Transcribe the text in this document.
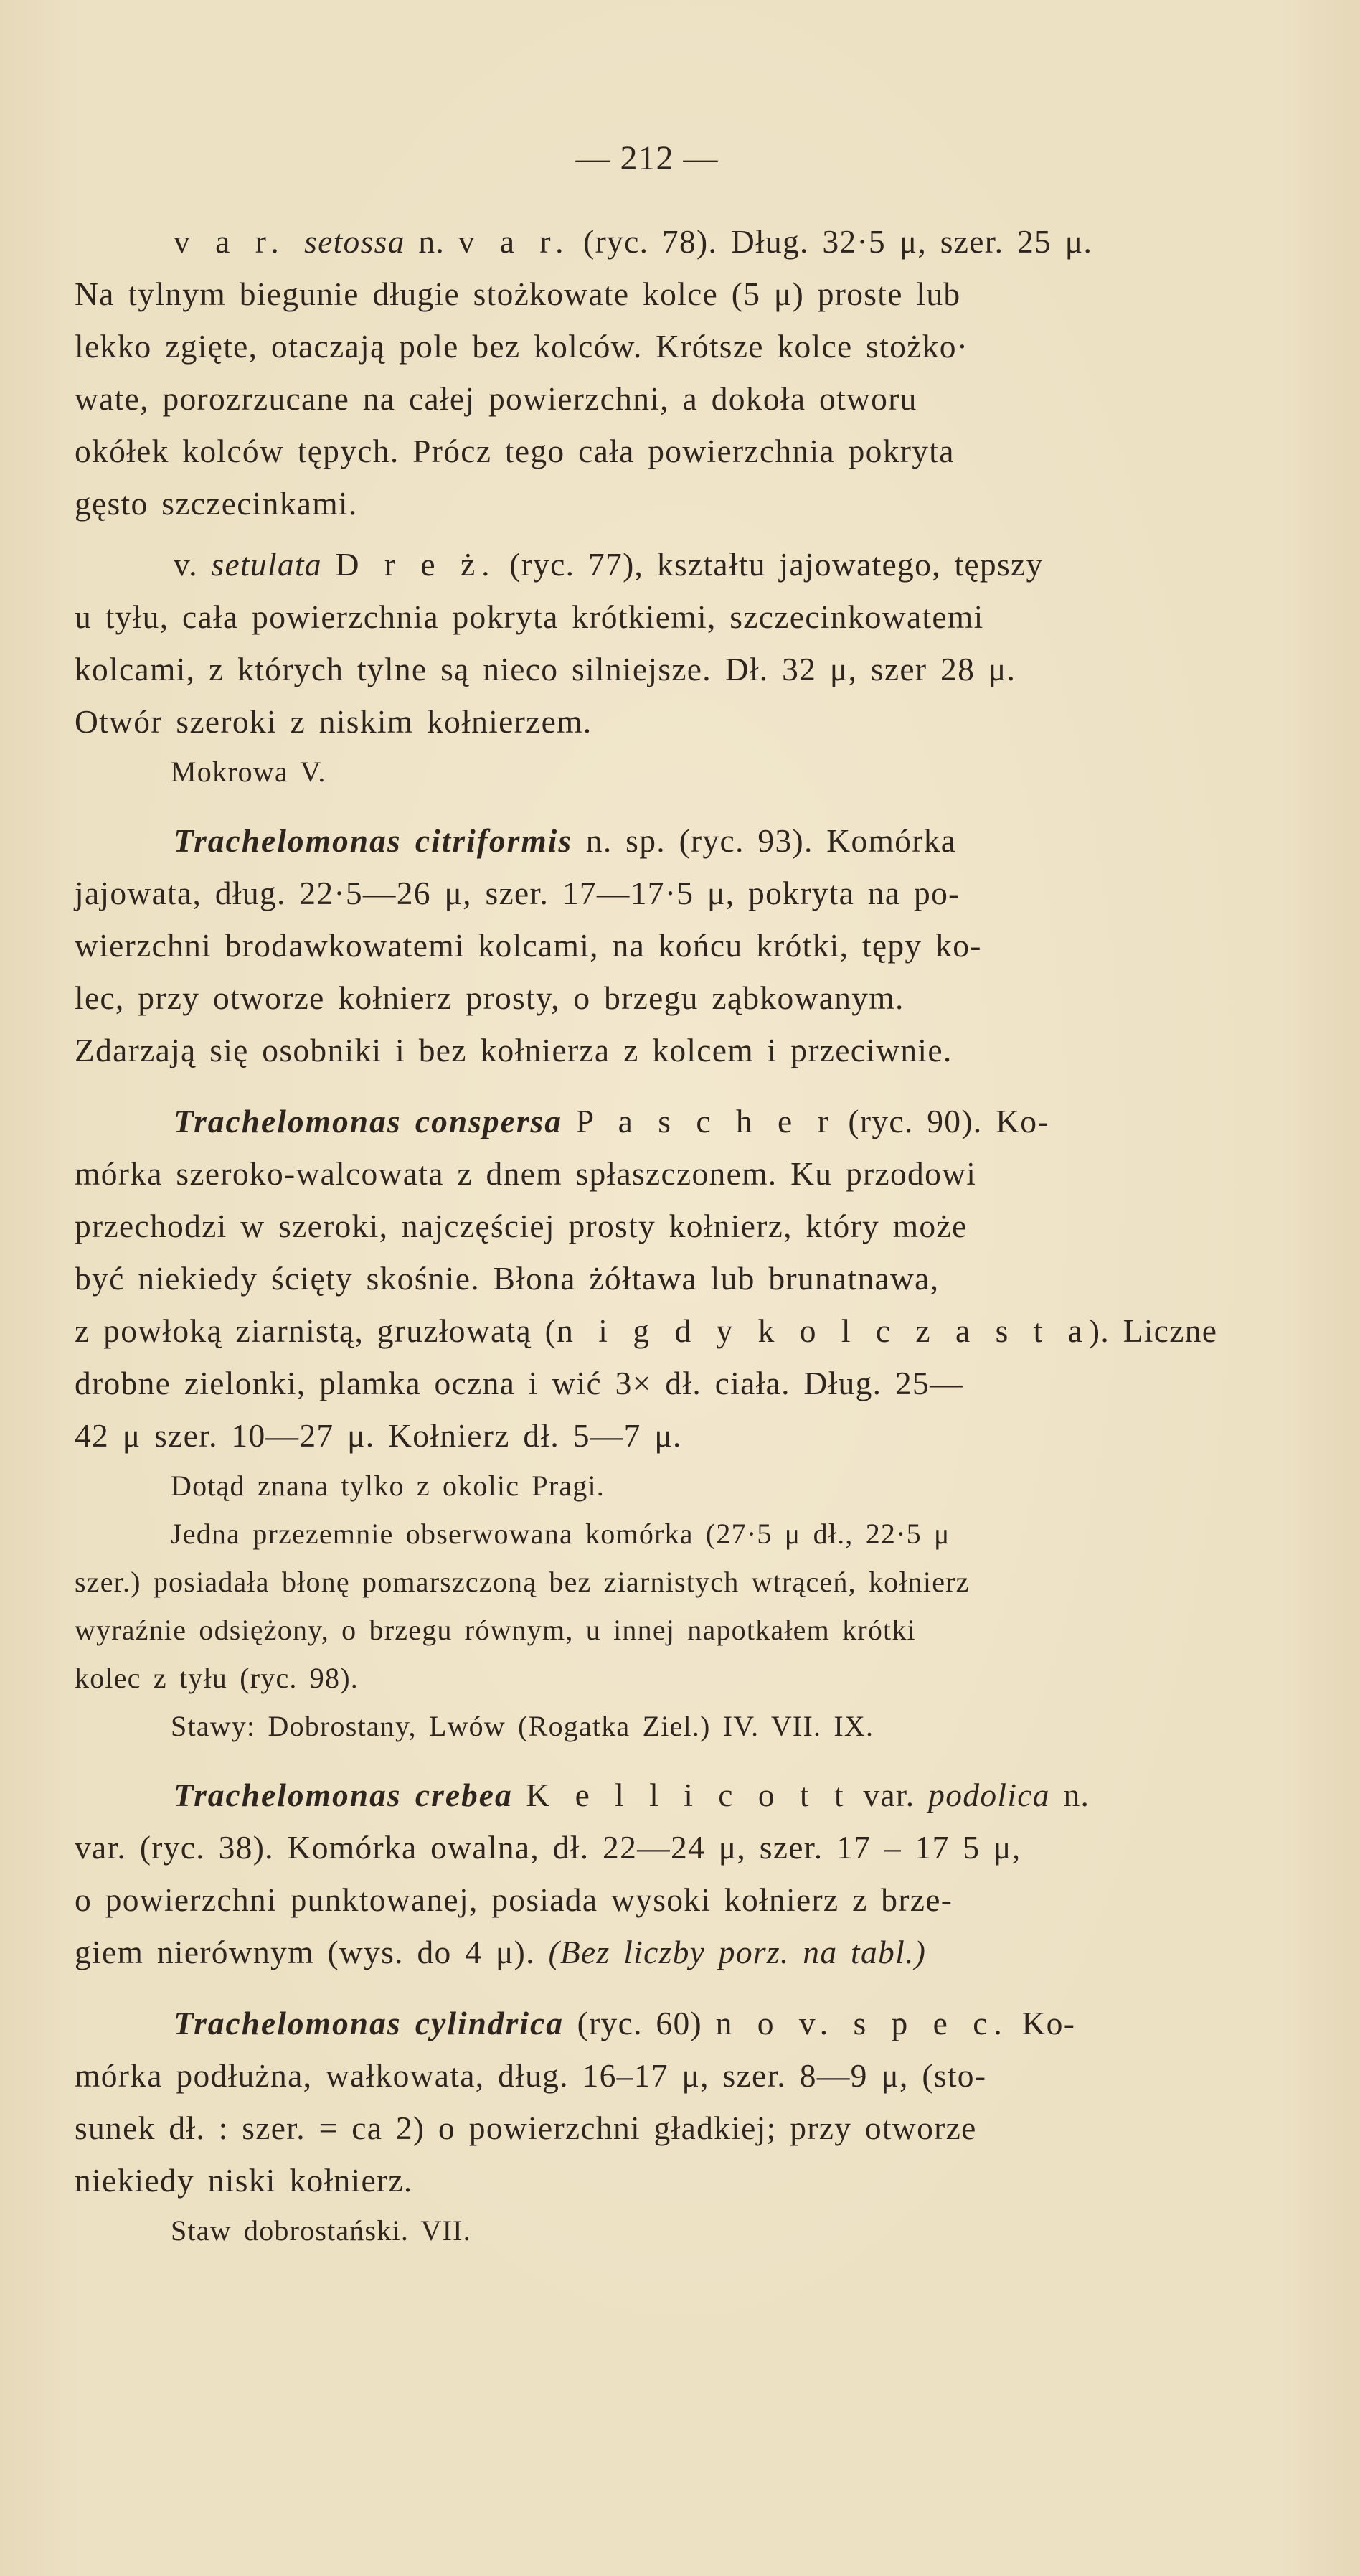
— 212 —
v a r. setossa n. v a r. (ryc. 78). Dług. 32·5 μ, szer. 25 μ.
Na tylnym biegunie długie stożkowate kolce (5 μ) proste lub
lekko zgięte, otaczają pole bez kolców. Krótsze kolce stożko·
wate, porozrzucane na całej powierzchni, a dokoła otworu
okółek kolców tępych. Prócz tego cała powierzchnia pokryta
gęsto szczecinkami.
v. setulata D r e ż. (ryc. 77), kształtu jajowatego, tępszy
u tyłu, cała powierzchnia pokryta krótkiemi, szczecinkowatemi
kolcami, z których tylne są nieco silniejsze. Dł. 32 μ, szer 28 μ.
Otwór szeroki z niskim kołnierzem.
Mokrowa V.
Trachelomonas citriformis n. sp. (ryc. 93). Komórka
jajowata, dług. 22·5—26 μ, szer. 17—17·5 μ, pokryta na po-
wierzchni brodawkowatemi kolcami, na końcu krótki, tępy ko-
lec, przy otworze kołnierz prosty, o brzegu ząbkowanym.
Zdarzają się osobniki i bez kołnierza z kolcem i przeciwnie.
Trachelomonas conspersa P a s c h e r (ryc. 90). Ko-
mórka szeroko-walcowata z dnem spłaszczonem. Ku przodowi
przechodzi w szeroki, najczęściej prosty kołnierz, który może
być niekiedy ścięty skośnie. Błona żółtawa lub brunatnawa,
z powłoką ziarnistą, gruzłowatą (n i g d y k o l c z a s t a). Liczne
drobne zielonki, plamka oczna i wić 3× dł. ciała. Dług. 25—
42 μ szer. 10—27 μ. Kołnierz dł. 5—7 μ.
Dotąd znana tylko z okolic Pragi.
Jedna przezemnie obserwowana komórka (27·5 μ dł., 22·5 μ
szer.) posiadała błonę pomarszczoną bez ziarnistych wtrąceń, kołnierz
wyraźnie odsiężony, o brzegu równym, u innej napotkałem krótki
kolec z tyłu (ryc. 98).
Stawy: Dobrostany, Lwów (Rogatka Ziel.) IV. VII. IX.
Trachelomonas crebea K e l l i c o t t var. podolica n.
var. (ryc. 38). Komórka owalna, dł. 22—24 μ, szer. 17 – 17 5 μ,
o powierzchni punktowanej, posiada wysoki kołnierz z brze-
giem nierównym (wys. do 4 μ). (Bez liczby porz. na tabl.)
Trachelomonas cylindrica (ryc. 60) n o v. s p e c. Ko-
mórka podłużna, wałkowata, dług. 16–17 μ, szer. 8—9 μ, (sto-
sunek dł. : szer. = ca 2) o powierzchni gładkiej; przy otworze
niekiedy niski kołnierz.
Staw dobrostański. VII.
